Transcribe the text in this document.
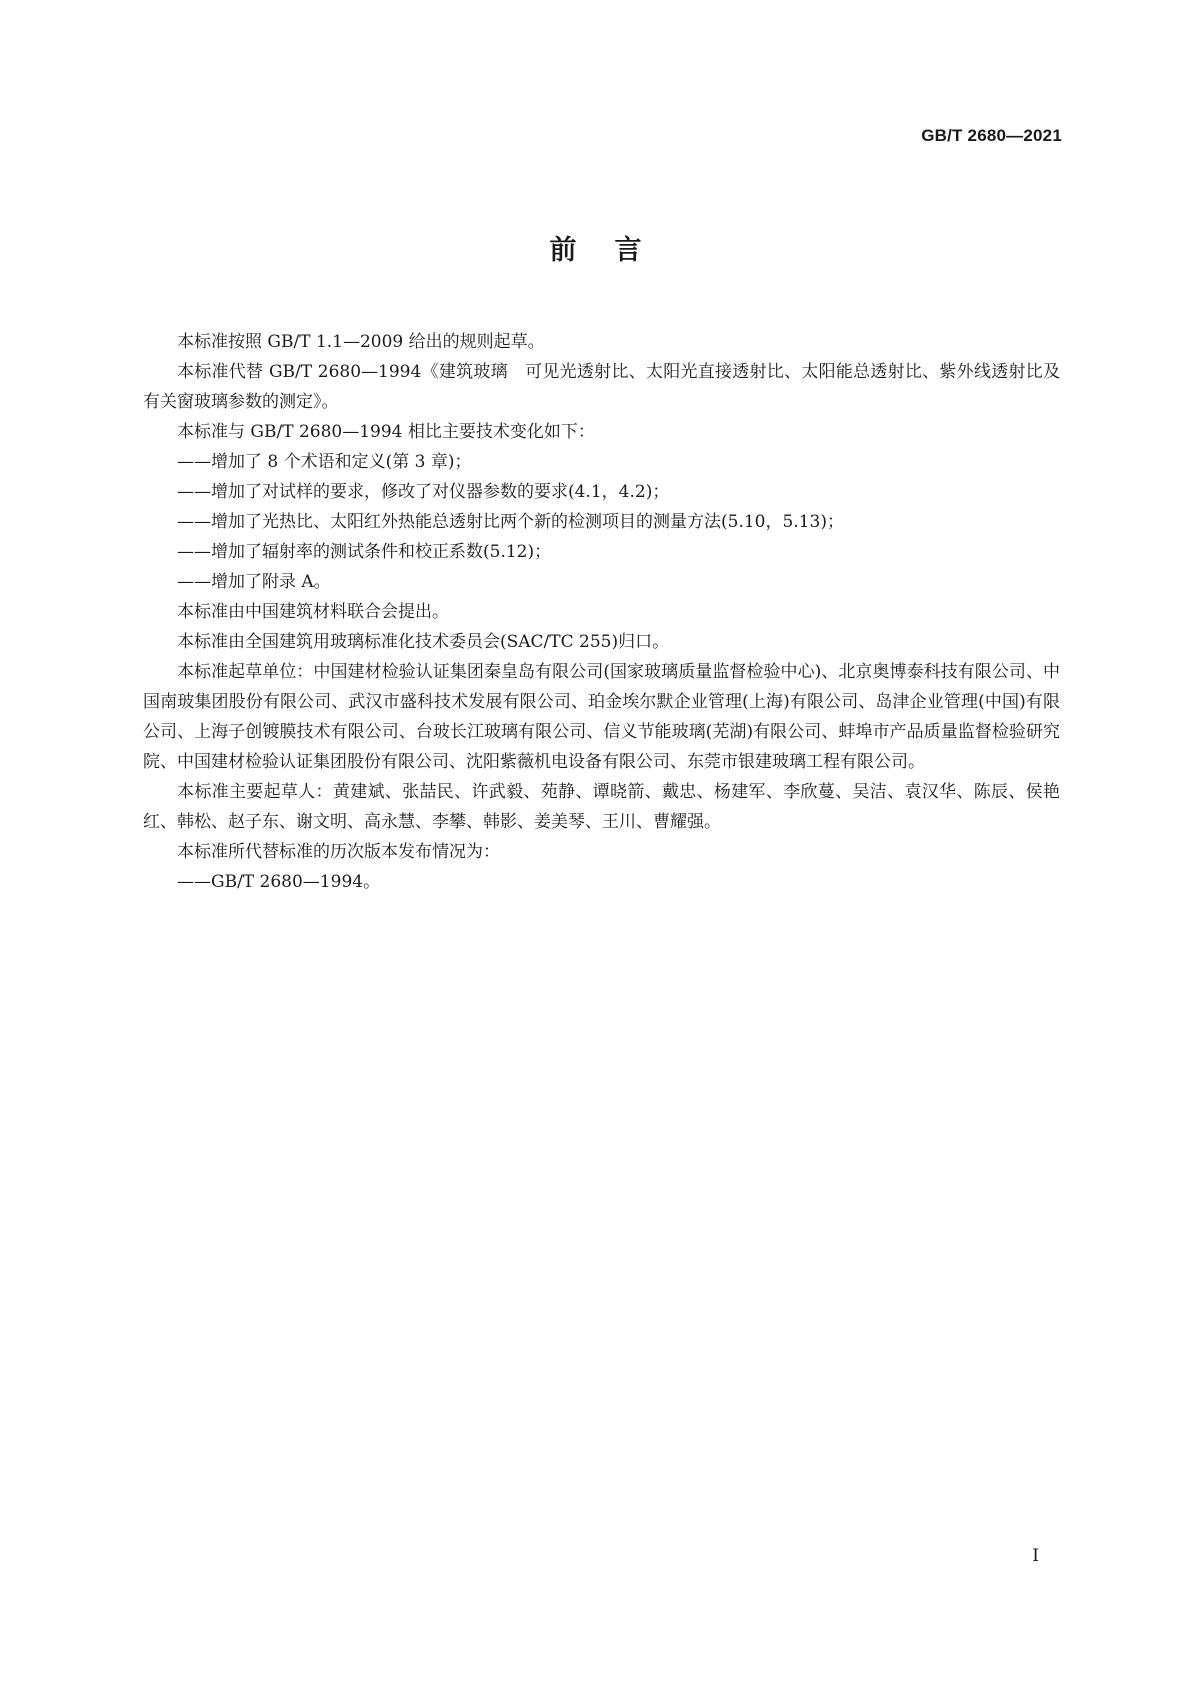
GB/T 2680—2021
前言

本标准按照 GB/T 1.1—2009 给出的规则起草。

本标准代替 GB/T 2680—1994《建筑玻璃　可见光透射比、太阳光直接透射比、太阳能总透射比、紫外线透射比及有关窗玻璃参数的测定》。

本标准与 GB/T 2680—1994 相比主要技术变化如下：

——增加了 8 个术语和定义(第 3 章)；

——增加了对试样的要求，修改了对仪器参数的要求(4.1，4.2)；

——增加了光热比、太阳红外热能总透射比两个新的检测项目的测量方法(5.10，5.13)；

——增加了辐射率的测试条件和校正系数(5.12)；

——增加了附录 A。

本标准由中国建筑材料联合会提出。

本标准由全国建筑用玻璃标准化技术委员会(SAC/TC 255)归口。

本标准起草单位：中国建材检验认证集团秦皇岛有限公司(国家玻璃质量监督检验中心)、北京奥博泰科技有限公司、中国南玻集团股份有限公司、武汉市盛科技术发展有限公司、珀金埃尔默企业管理(上海)有限公司、岛津企业管理(中国)有限公司、上海子创镀膜技术有限公司、台玻长江玻璃有限公司、信义节能玻璃(芜湖)有限公司、蚌埠市产品质量监督检验研究院、中国建材检验认证集团股份有限公司、沈阳紫薇机电设备有限公司、东莞市银建玻璃工程有限公司。

本标准主要起草人：黄建斌、张喆民、许武毅、苑静、谭晓箭、戴忠、杨建军、李欣蔓、吴洁、袁汉华、陈辰、侯艳红、韩松、赵子东、谢文明、高永慧、李攀、韩影、姜美琴、王川、曹耀强。

本标准所代替标准的历次版本发布情况为：

——GB/T 2680—1994。

I
